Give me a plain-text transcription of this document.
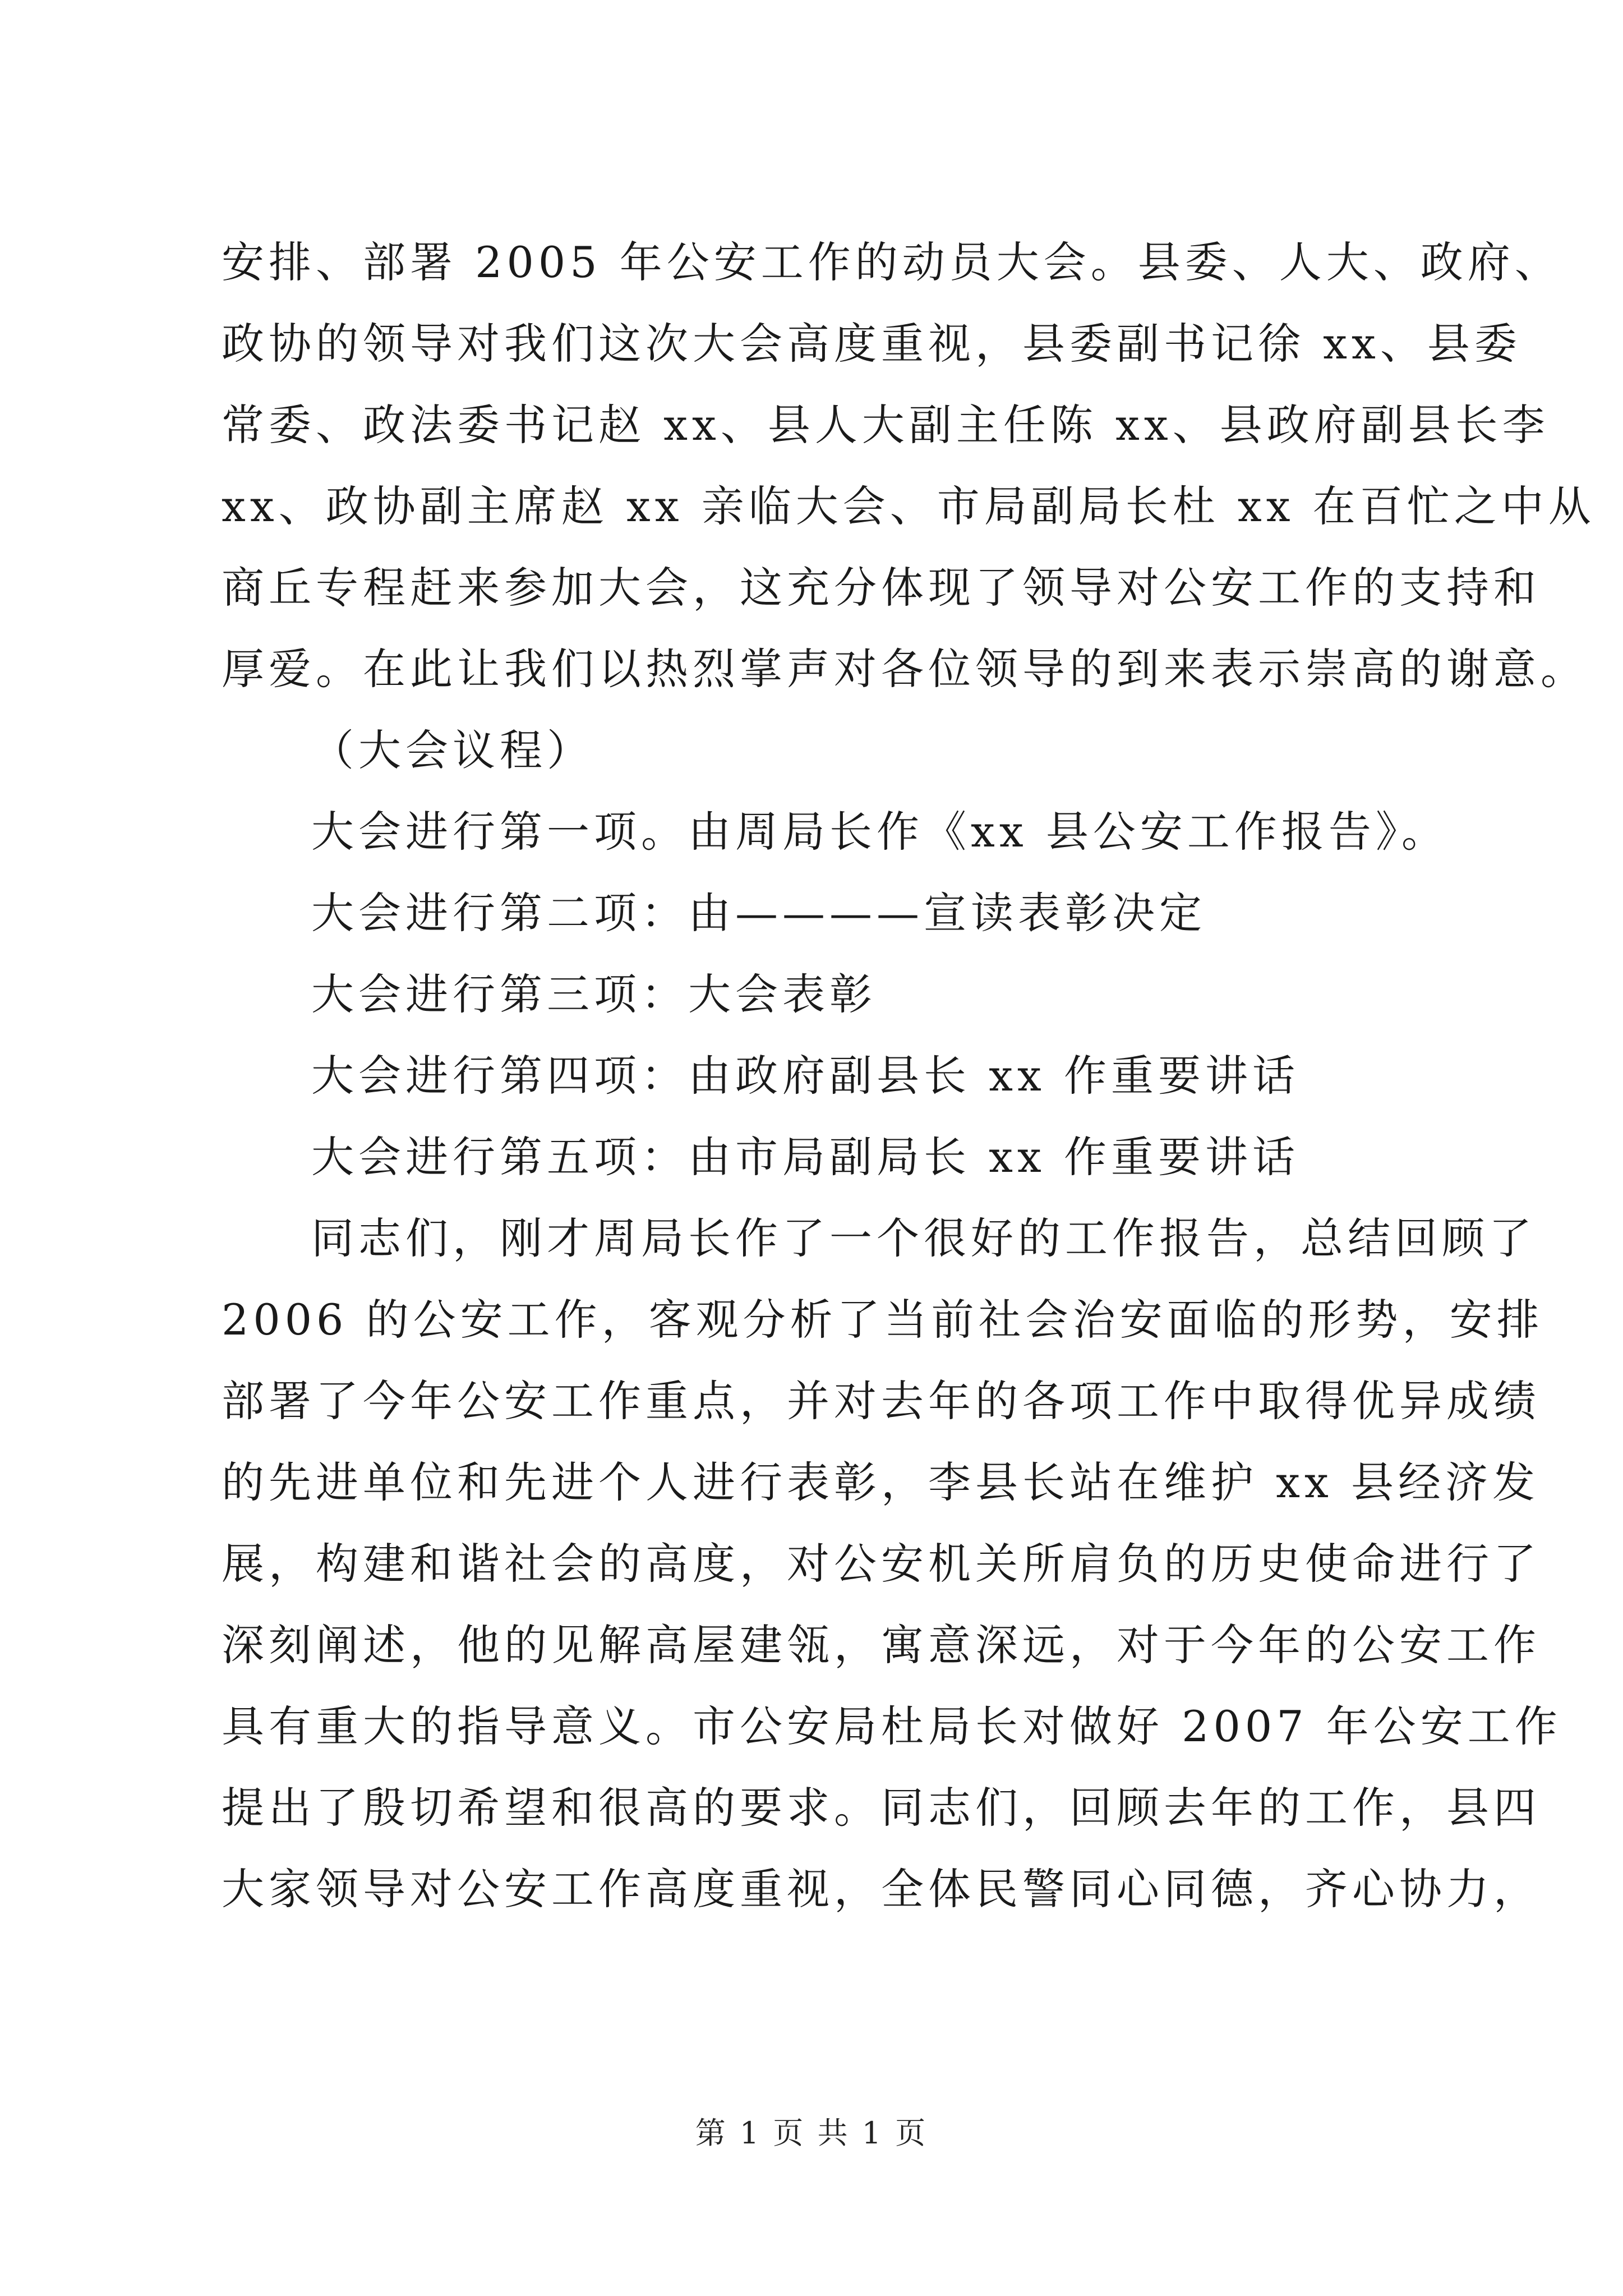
安排、部署 2005 年公安工作的动员大会。县委、人大、政府、
政协的领导对我们这次大会高度重视，县委副书记徐 xx、县委
常委、政法委书记赵 xx、县人大副主任陈 xx、县政府副县长李
xx、政协副主席赵 xx 亲临大会、市局副局长杜 xx 在百忙之中从
商丘专程赶来参加大会，这充分体现了领导对公安工作的支持和
厚爱。在此让我们以热烈掌声对各位领导的到来表示崇高的谢意。
（大会议程）
大会进行第一项。由周局长作《xx 县公安工作报告》。
大会进行第二项：由————宣读表彰决定
大会进行第三项：大会表彰
大会进行第四项：由政府副县长 xx 作重要讲话
大会进行第五项：由市局副局长 xx 作重要讲话
同志们，刚才周局长作了一个很好的工作报告，总结回顾了
2006 的公安工作，客观分析了当前社会治安面临的形势，安排
部署了今年公安工作重点，并对去年的各项工作中取得优异成绩
的先进单位和先进个人进行表彰，李县长站在维护 xx 县经济发
展，构建和谐社会的高度，对公安机关所肩负的历史使命进行了
深刻阐述，他的见解高屋建瓴，寓意深远，对于今年的公安工作
具有重大的指导意义。市公安局杜局长对做好 2007 年公安工作
提出了殷切希望和很高的要求。同志们，回顾去年的工作，县四
大家领导对公安工作高度重视，全体民警同心同德，齐心协力，
第 1 页 共 1 页
